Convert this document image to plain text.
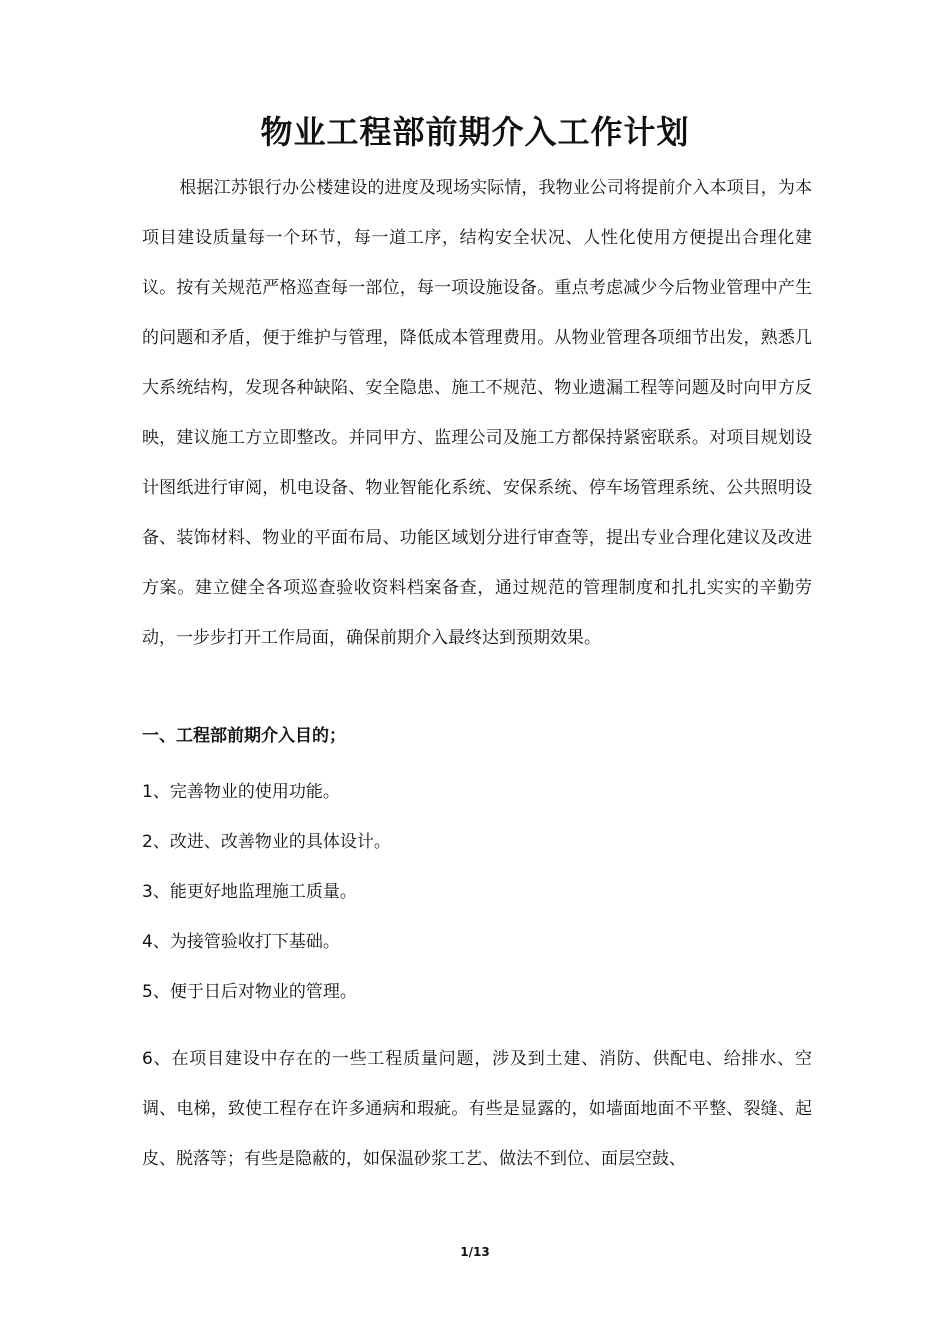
物业工程部前期介入工作计划

根据江苏银行办公楼建设的进度及现场实际情，我物业公司将提前介入本项目，为本项目建设质量每一个环节，每一道工序，结构安全状况、人性化使用方便提出合理化建议。按有关规范严格巡查每一部位，每一项设施设备。重点考虑减少今后物业管理中产生的问题和矛盾，便于维护与管理，降低成本管理费用。从物业管理各项细节出发，熟悉几大系统结构，发现各种缺陷、安全隐患、施工不规范、物业遗漏工程等问题及时向甲方反映，建议施工方立即整改。并同甲方、监理公司及施工方都保持紧密联系。对项目规划设计图纸进行审阅，机电设备、物业智能化系统、安保系统、停车场管理系统、公共照明设备、装饰材料、物业的平面布局、功能区域划分进行审查等，提出专业合理化建议及改进方案。建立健全各项巡查验收资料档案备查，通过规范的管理制度和扎扎实实的辛勤劳动，一步步打开工作局面，确保前期介入最终达到预期效果。

一、工程部前期介入目的；
1、完善物业的使用功能。
2、改进、改善物业的具体设计。
3、能更好地监理施工质量。
4、为接管验收打下基础。
5、便于日后对物业的管理。

6、在项目建设中存在的一些工程质量问题，涉及到土建、消防、供配电、给排水、空调、电梯，致使工程存在许多通病和瑕疵。有些是显露的，如墙面地面不平整、裂缝、起皮、脱落等；有些是隐蔽的，如保温砂浆工艺、做法不到位、面层空鼓、

1/13
